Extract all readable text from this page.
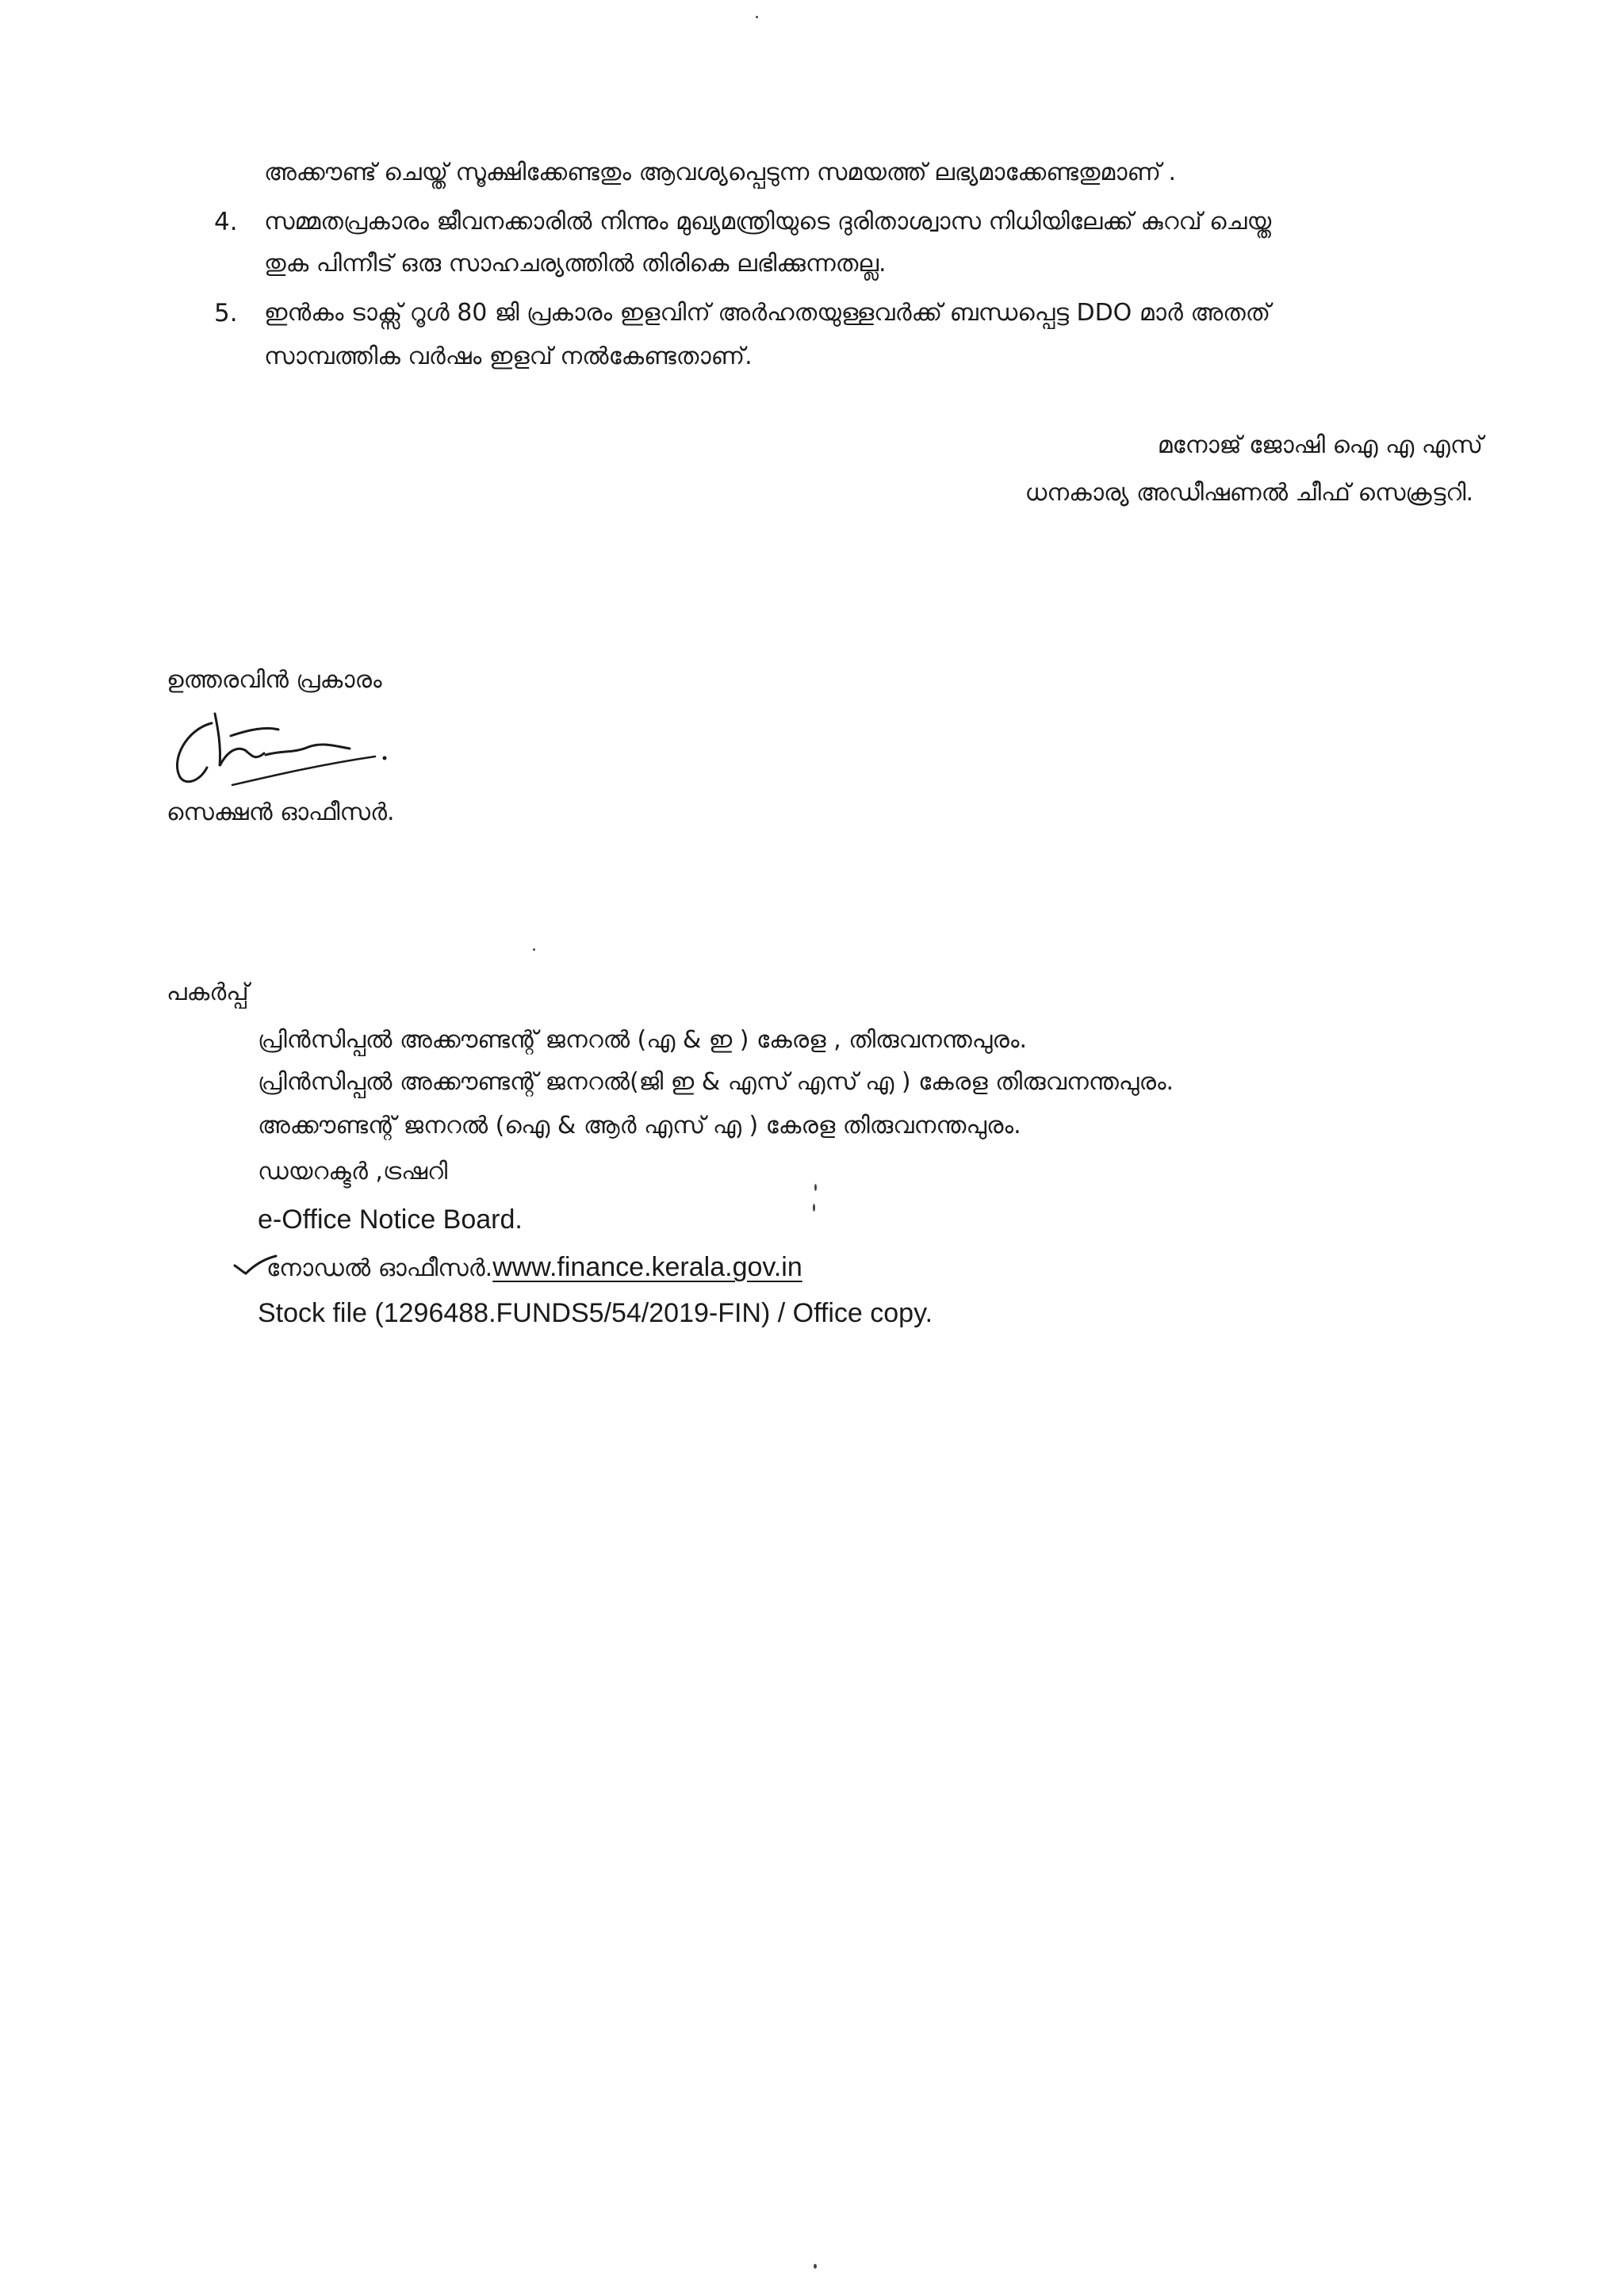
അക്കൗണ്ട് ചെയ്ത് സൂക്ഷിക്കേണ്ടതും ആവശ്യപ്പെടുന്ന സമയത്ത് ലഭ്യമാക്കേണ്ടതുമാണ് .
4. സമ്മതപ്രകാരം ജീവനക്കാരിൽ നിന്നും മുഖ്യമന്ത്രിയുടെ ദുരിതാശ്വാസ നിധിയിലേക്ക് കുറവ് ചെയ്ത
തുക പിന്നീട് ഒരു സാഹചര്യത്തിൽ തിരികെ ലഭിക്കുന്നതല്ല.
5. ഇൻകം ടാക്സ് റൂൾ 80 ജി പ്രകാരം ഇളവിന് അർഹതയുള്ളവർക്ക് ബന്ധപ്പെട്ട DDO മാർ അതത്
സാമ്പത്തിക വർഷം ഇളവ് നൽകേണ്ടതാണ്.
മനോജ് ജോഷി ഐ എ എസ്
ധനകാര്യ അഡീഷണൽ ചീഫ് സെക്രട്ടറി.
ഉത്തരവിൻ പ്രകാരം
സെക്ഷൻ ഓഫീസർ.
പകർപ്പ്
പ്രിൻസിപ്പൽ അക്കൗണ്ടന്റ് ജനറൽ (എ & ഇ ) കേരള , തിരുവനന്തപുരം.
പ്രിൻസിപ്പൽ അക്കൗണ്ടന്റ് ജനറൽ(ജി ഇ & എസ് എസ് എ ) കേരള തിരുവനന്തപുരം.
അക്കൗണ്ടന്റ് ജനറൽ (ഐ & ആർ എസ് എ ) കേരള തിരുവനന്തപുരം.
ഡയറക്ടർ ,ട്രഷറി
e-Office Notice Board.
നോഡൽ ഓഫീസർ.www.finance.kerala.gov.in
Stock file (1296488.FUNDS5/54/2019-FIN) / Office copy.
